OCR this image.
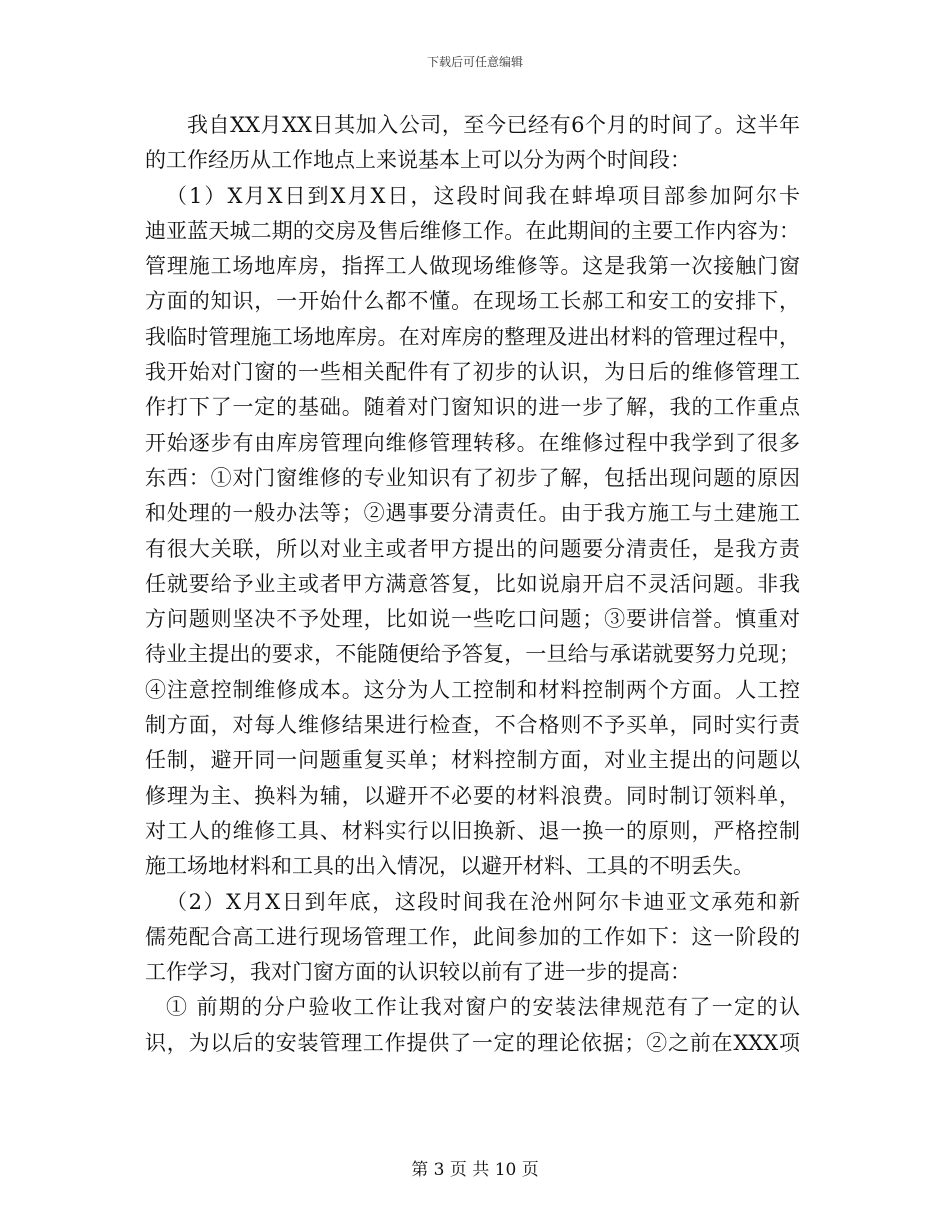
下载后可任意编辑
我自XX月XX日其加入公司，至今已经有6个月的时间了。这半年
的工作经历从工作地点上来说基本上可以分为两个时间段：
（1）X月X日到X月X日，这段时间我在蚌埠项目部参加阿尔卡
迪亚蓝天城二期的交房及售后维修工作。在此期间的主要工作内容为：
管理施工场地库房，指挥工人做现场维修等。这是我第一次接触门窗
方面的知识，一开始什么都不懂。在现场工长郝工和安工的安排下，
我临时管理施工场地库房。在对库房的整理及进出材料的管理过程中，
我开始对门窗的一些相关配件有了初步的认识，为日后的维修管理工
作打下了一定的基础。随着对门窗知识的进一步了解，我的工作重点
开始逐步有由库房管理向维修管理转移。在维修过程中我学到了很多
东西：①对门窗维修的专业知识有了初步了解，包括出现问题的原因
和处理的一般办法等；②遇事要分清责任。由于我方施工与土建施工
有很大关联，所以对业主或者甲方提出的问题要分清责任，是我方责
任就要给予业主或者甲方满意答复，比如说扇开启不灵活问题。非我
方问题则坚决不予处理，比如说一些吃口问题；③要讲信誉。慎重对
待业主提出的要求，不能随便给予答复，一旦给与承诺就要努力兑现；
④注意控制维修成本。这分为人工控制和材料控制两个方面。人工控
制方面，对每人维修结果进行检查，不合格则不予买单，同时实行责
任制，避开同一问题重复买单；材料控制方面，对业主提出的问题以
修理为主、换料为辅，以避开不必要的材料浪费。同时制订领料单，
对工人的维修工具、材料实行以旧换新、退一换一的原则，严格控制
施工场地材料和工具的出入情况，以避开材料、工具的不明丢失。
（2）X月X日到年底，这段时间我在沧州阿尔卡迪亚文承苑和新
儒苑配合高工进行现场管理工作，此间参加的工作如下：这一阶段的
工作学习，我对门窗方面的认识较以前有了进一步的提高：
① 前期的分户验收工作让我对窗户的安装法律规范有了一定的认
识，为以后的安装管理工作提供了一定的理论依据；②之前在XXX项
第 3 页 共 10 页
